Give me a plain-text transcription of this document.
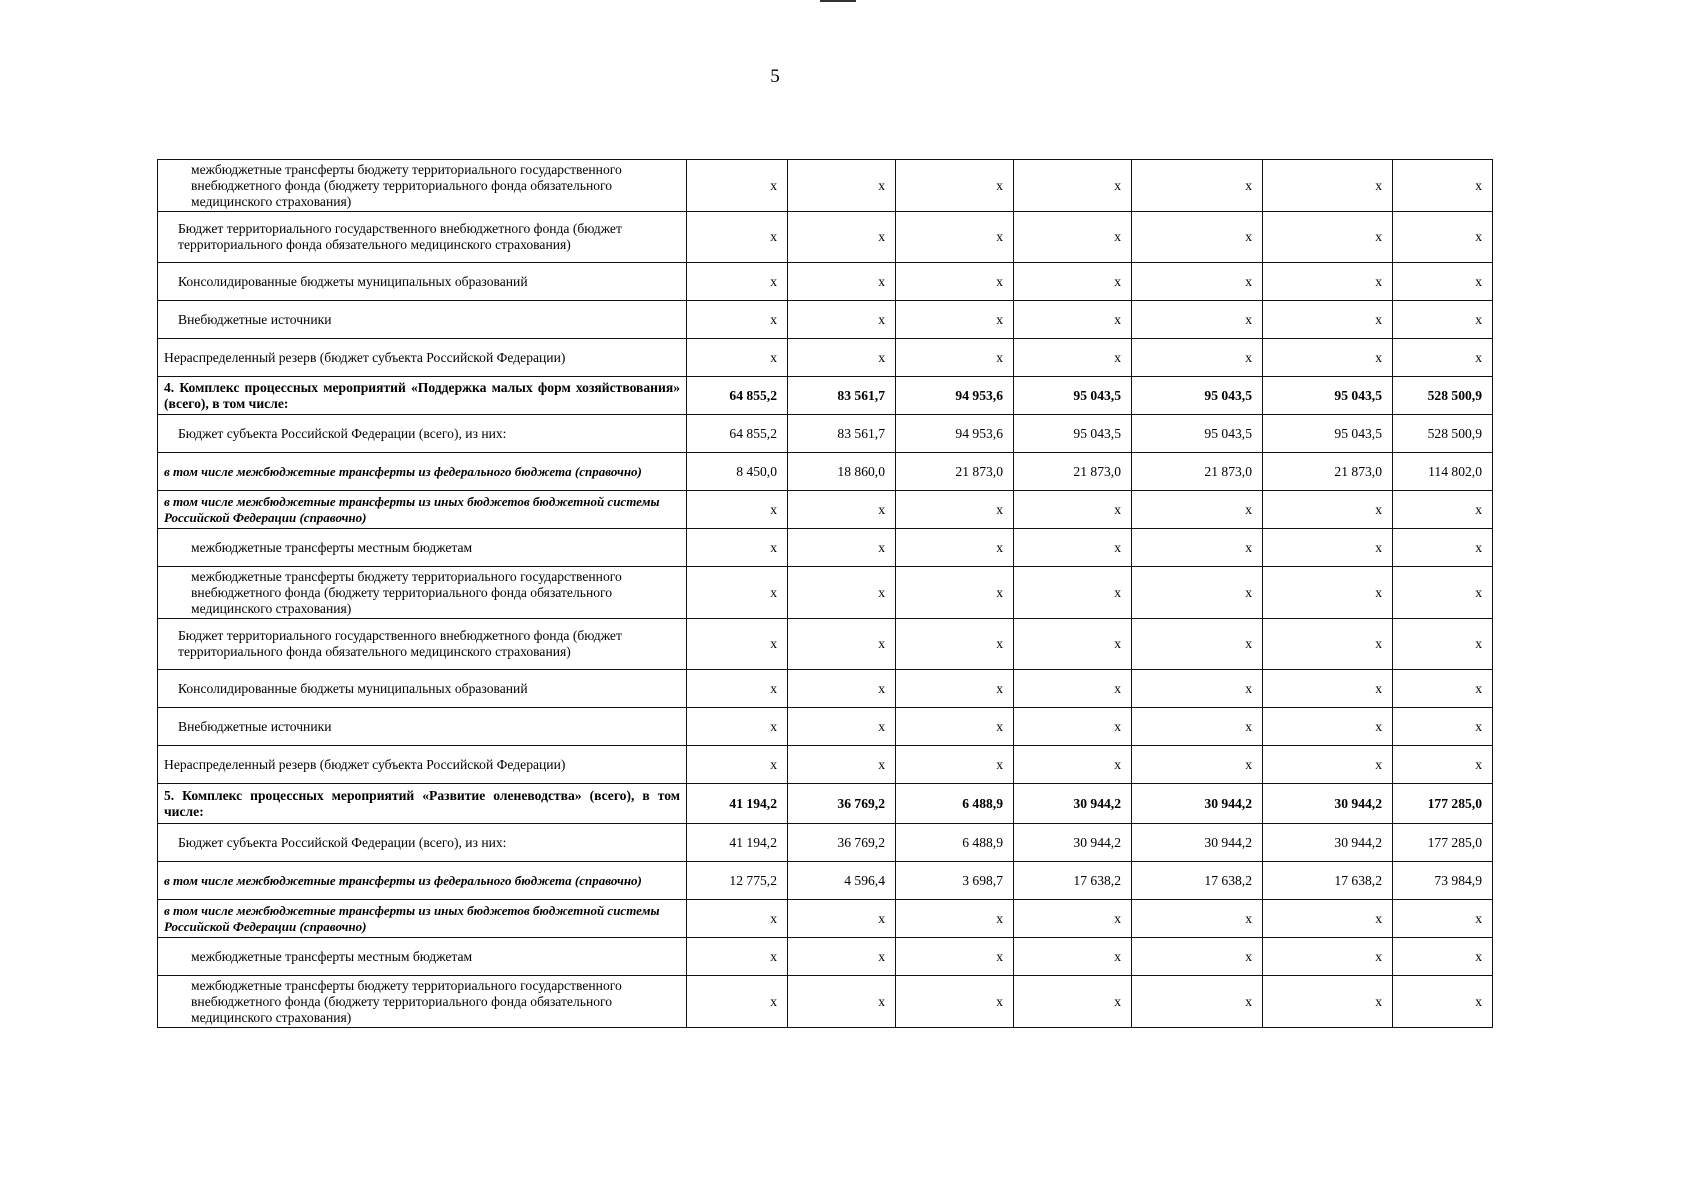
5
межбюджетные трансферты бюджету территориального государственного внебюджетного фонда (бюджету территориального фонда обязательного медицинского страхования)	x	x	x	x	x	x	x
Бюджет территориального государственного внебюджетного фонда (бюджет территориального фонда обязательного медицинского страхования)	x	x	x	x	x	x	x
Консолидированные бюджеты муниципальных образований	x	x	x	x	x	x	x
Внебюджетные источники	x	x	x	x	x	x	x
Нераспределенный резерв (бюджет субъекта Российской Федерации)	x	x	x	x	x	x	x
4. Комплекс процессных мероприятий «Поддержка малых форм хозяйствования» (всего), в том числе:	64 855,2	83 561,7	94 953,6	95 043,5	95 043,5	95 043,5	528 500,9
Бюджет субъекта Российской Федерации (всего), из них:	64 855,2	83 561,7	94 953,6	95 043,5	95 043,5	95 043,5	528 500,9
в том числе межбюджетные трансферты из федерального бюджета (справочно)	8 450,0	18 860,0	21 873,0	21 873,0	21 873,0	21 873,0	114 802,0
в том числе межбюджетные трансферты из иных бюджетов бюджетной системы Российской Федерации (справочно)	x	x	x	x	x	x	x
межбюджетные трансферты местным бюджетам	x	x	x	x	x	x	x
межбюджетные трансферты бюджету территориального государственного внебюджетного фонда (бюджету территориального фонда обязательного медицинского страхования)	x	x	x	x	x	x	x
Бюджет территориального государственного внебюджетного фонда (бюджет территориального фонда обязательного медицинского страхования)	x	x	x	x	x	x	x
Консолидированные бюджеты муниципальных образований	x	x	x	x	x	x	x
Внебюджетные источники	x	x	x	x	x	x	x
Нераспределенный резерв (бюджет субъекта Российской Федерации)	x	x	x	x	x	x	x
5. Комплекс процессных мероприятий «Развитие оленеводства» (всего), в том числе:	41 194,2	36 769,2	6 488,9	30 944,2	30 944,2	30 944,2	177 285,0
Бюджет субъекта Российской Федерации (всего), из них:	41 194,2	36 769,2	6 488,9	30 944,2	30 944,2	30 944,2	177 285,0
в том числе межбюджетные трансферты из федерального бюджета (справочно)	12 775,2	4 596,4	3 698,7	17 638,2	17 638,2	17 638,2	73 984,9
в том числе межбюджетные трансферты из иных бюджетов бюджетной системы Российской Федерации (справочно)	x	x	x	x	x	x	x
межбюджетные трансферты местным бюджетам	x	x	x	x	x	x	x
межбюджетные трансферты бюджету территориального государственного внебюджетного фонда (бюджету территориального фонда обязательного медицинского страхования)	x	x	x	x	x	x	x
